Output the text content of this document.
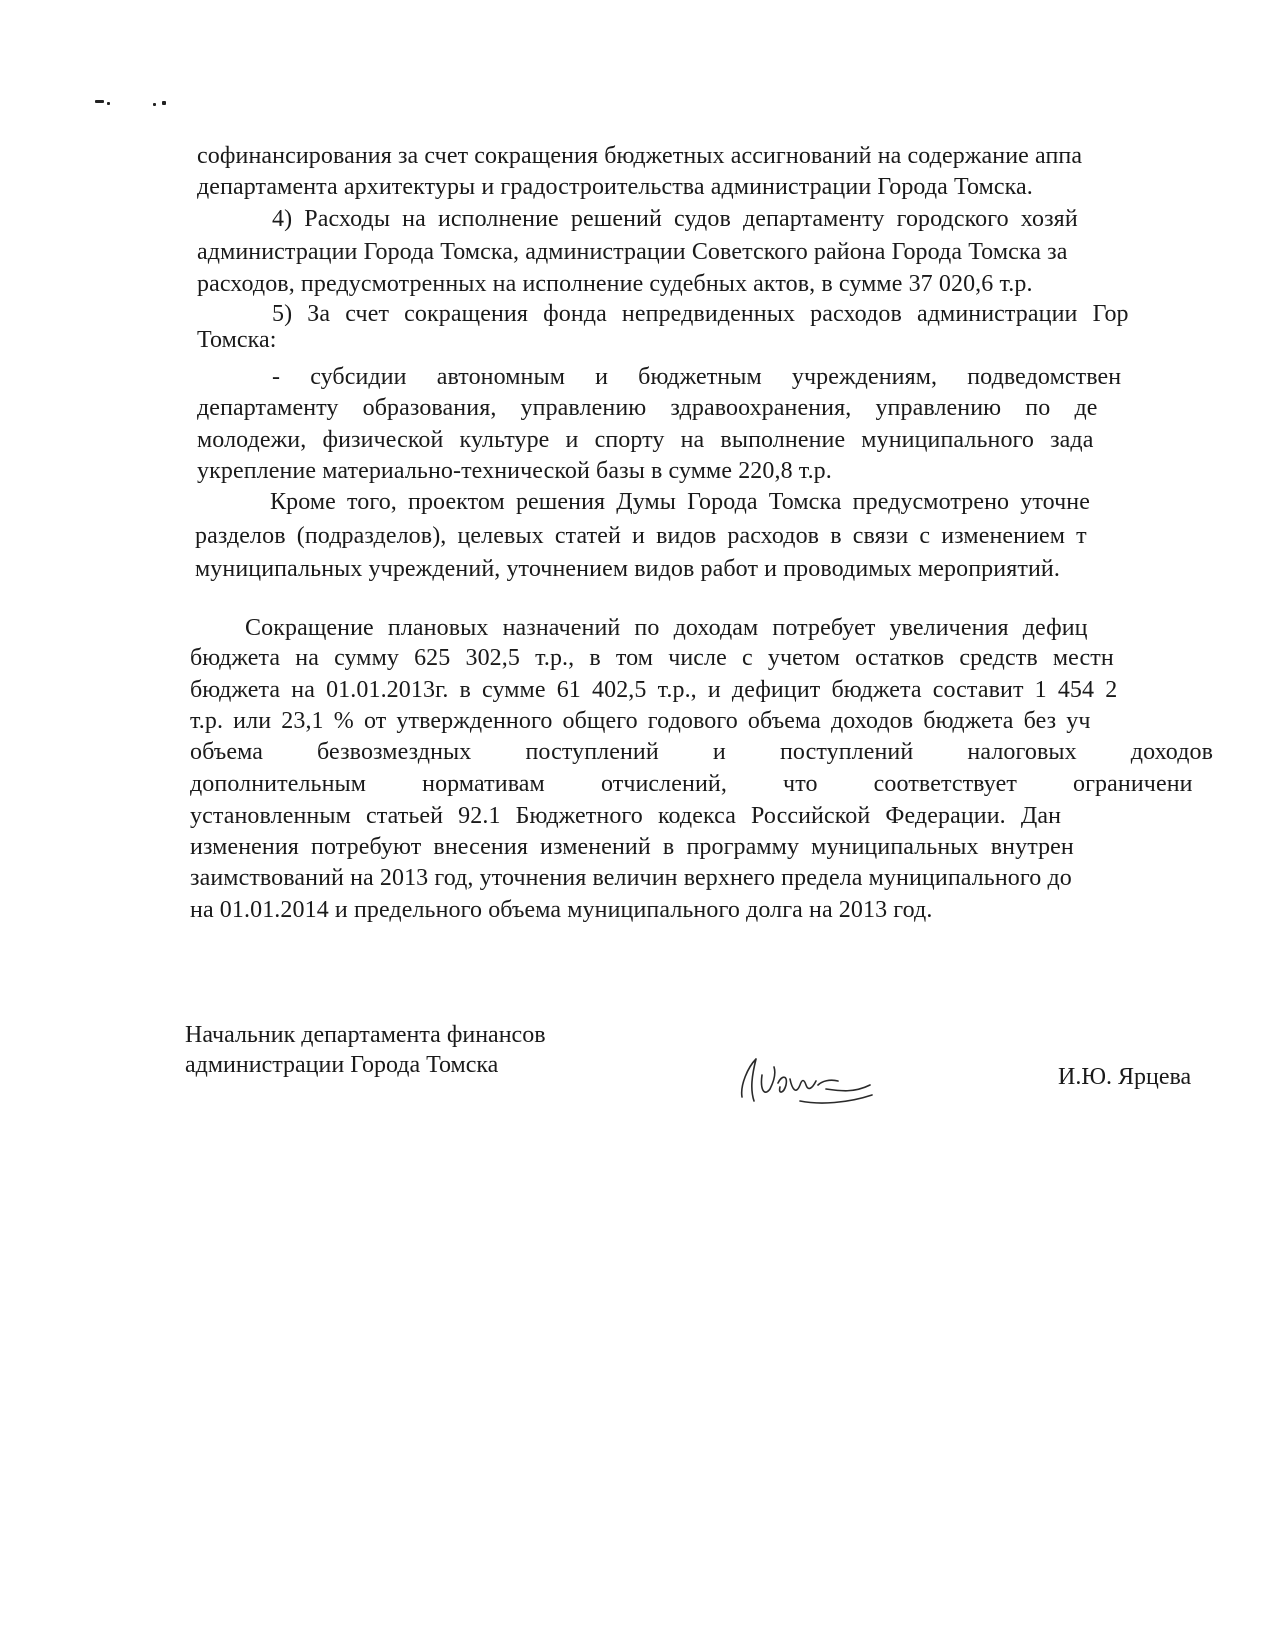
софинансирования за счет сокращения бюджетных ассигнований на содержание аппа
департамента архитектуры и градостроительства администрации Города Томска.
4) Расходы на исполнение решений судов департаменту городского хозяй
администрации Города Томска, администрации Советского района Города Томска за
расходов, предусмотренных на исполнение судебных актов, в сумме 37 020,6 т.р.
5) За счет сокращения фонда непредвиденных расходов администрации Гор
Томска:
- субсидии автономным и бюджетным учреждениям, подведомствен
департаменту образования, управлению здравоохранения, управлению по де
молодежи, физической культуре и спорту на выполнение муниципального зада
укрепление материально-технической базы в сумме 220,8 т.р.
Кроме того, проектом решения Думы Города Томска предусмотрено уточне
разделов (подразделов), целевых статей и видов расходов в связи с изменением т
муниципальных учреждений, уточнением видов работ и проводимых мероприятий.
Сокращение плановых назначений по доходам потребует увеличения дефиц
бюджета на сумму 625 302,5 т.р., в том числе с учетом остатков средств местн
бюджета на 01.01.2013г. в сумме 61 402,5 т.р., и дефицит бюджета составит 1 454 2
т.р. или 23,1 % от утвержденного общего годового объема доходов бюджета без уч
объема безвозмездных поступлений и поступлений налоговых доходов
дополнительным нормативам отчислений, что соответствует ограничени
установленным статьей 92.1 Бюджетного кодекса Российской Федерации. Дан
изменения потребуют внесения изменений в программу муниципальных внутрен
заимствований на 2013 год, уточнения величин верхнего предела муниципального до
на 01.01.2014 и предельного объема муниципального долга на 2013 год.
Начальник департамента финансов
администрации Города Томска	И.Ю. Ярцева
